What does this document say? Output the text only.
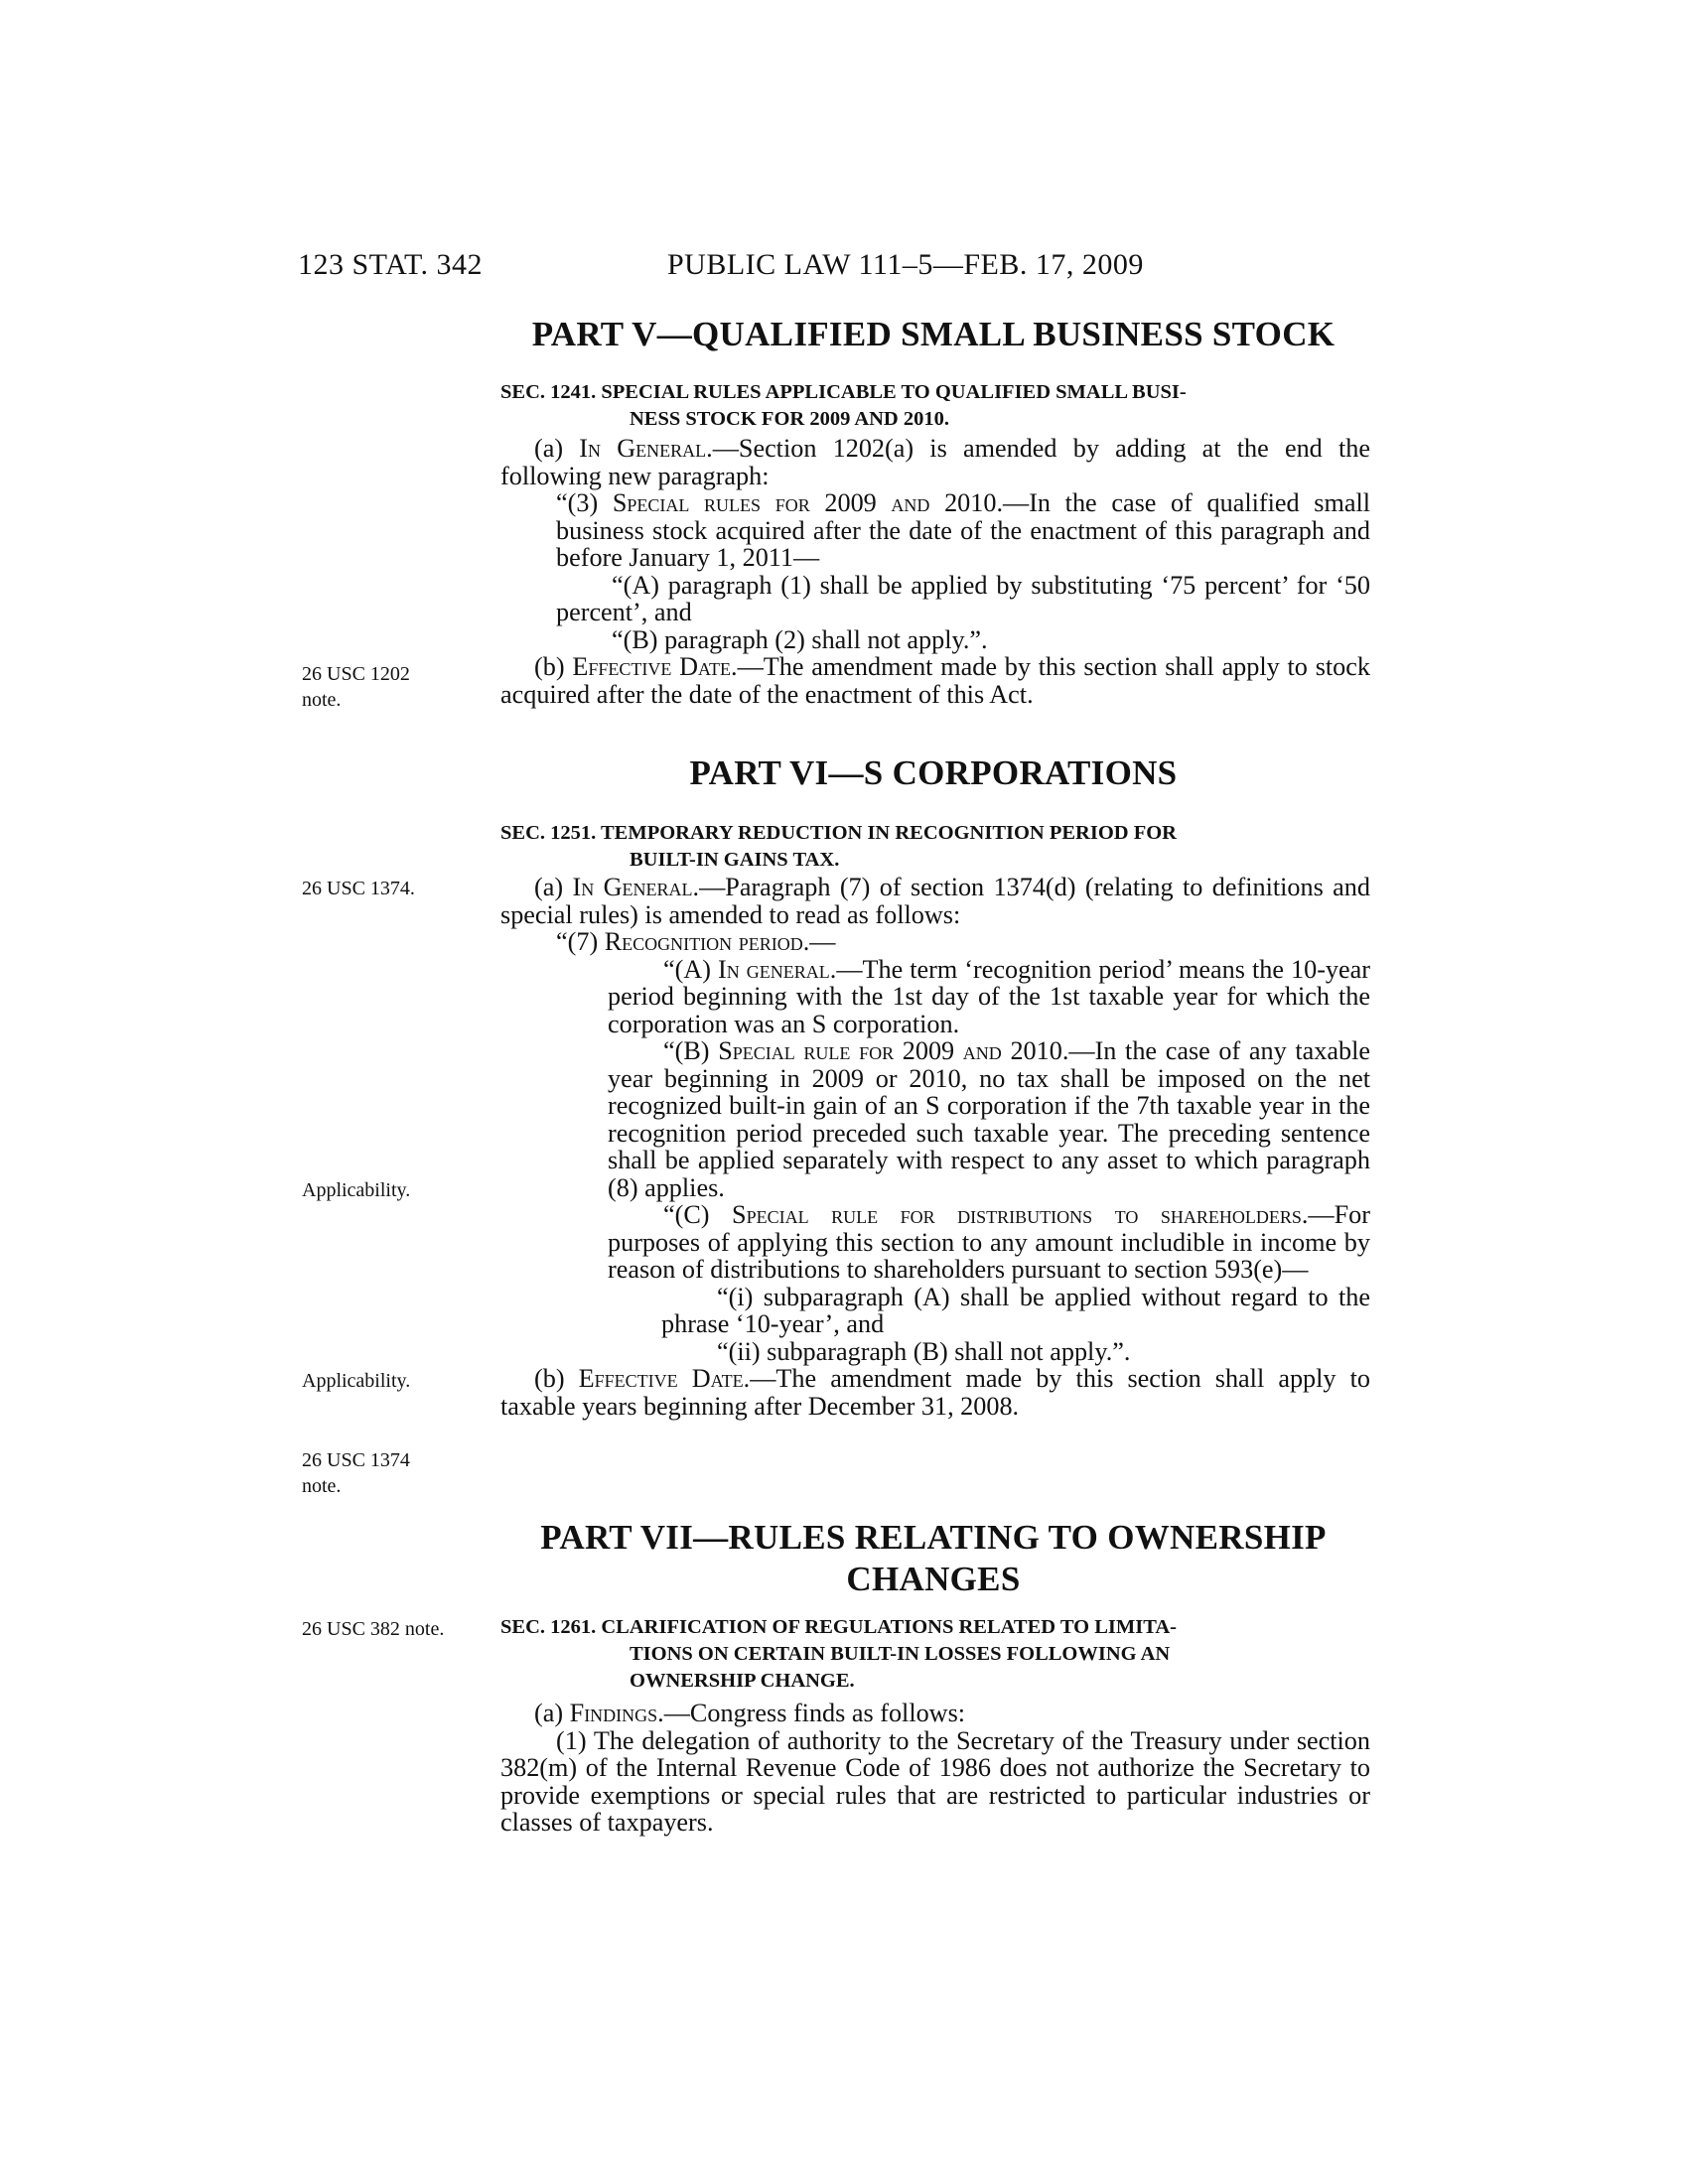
123 STAT. 342	PUBLIC LAW 111–5—FEB. 17, 2009
PART V—QUALIFIED SMALL BUSINESS STOCK
SEC. 1241. SPECIAL RULES APPLICABLE TO QUALIFIED SMALL BUSI-
NESS STOCK FOR 2009 AND 2010.

(a) In General.—Section 1202(a) is amended by adding at the end the following new paragraph:

“(3) Special rules for 2009 and 2010.—In the case of qualified small business stock acquired after the date of the enactment of this paragraph and before January 1, 2011—

“(A) paragraph (1) shall be applied by substituting ‘75 percent’ for ‘50 percent’, and

“(B) paragraph (2) shall not apply.”.

(b) Effective Date.—The amendment made by this section shall apply to stock acquired after the date of the enactment of this Act.

26 USC 1202
note.
PART VI—S CORPORATIONS
SEC. 1251. TEMPORARY REDUCTION IN RECOGNITION PERIOD FOR
BUILT-IN GAINS TAX.
26 USC 1374.	(a) In General.—Paragraph (7) of section 1374(d) (relating to definitions and special rules) is amended to read as follows:

“(7) Recognition period.—

“(A) In general.—The term ‘recognition period’ means the 10-year period beginning with the 1st day of the 1st taxable year for which the corporation was an S corporation.

“(B) Special rule for 2009 and 2010.—In the case of any taxable year beginning in 2009 or 2010, no tax shall be imposed on the net recognized built-in gain of an S corporation if the 7th taxable year in the recognition period preceded such taxable year. The preceding sentence shall be applied separately with respect to any asset to which paragraph (8) applies.

“(C) Special rule for distributions to shareholders.—For purposes of applying this section to any amount includible in income by reason of distributions to shareholders pursuant to section 593(e)—

“(i) subparagraph (A) shall be applied without regard to the phrase ‘10-year’, and

“(ii) subparagraph (B) shall not apply.”.

(b) Effective Date.—The amendment made by this section shall apply to taxable years beginning after December 31, 2008.

Applicability.
Applicability.
26 USC 1374
note.
PART VII—RULES RELATING TO OWNERSHIP
CHANGES
26 USC 382 note.	SEC. 1261. CLARIFICATION OF REGULATIONS RELATED TO LIMITA-
TIONS ON CERTAIN BUILT-IN LOSSES FOLLOWING AN
OWNERSHIP CHANGE.

(a) Findings.—Congress finds as follows:

(1) The delegation of authority to the Secretary of the Treasury under section 382(m) of the Internal Revenue Code of 1986 does not authorize the Secretary to provide exemptions or special rules that are restricted to particular industries or classes of taxpayers.
